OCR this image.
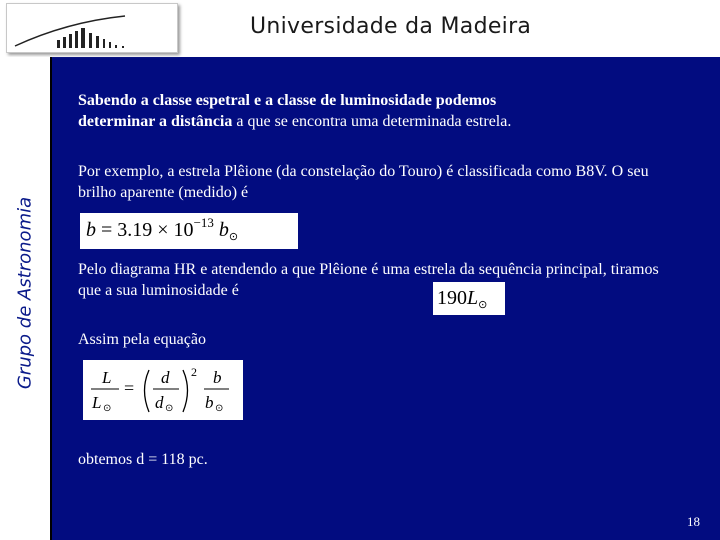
Universidade da Madeira
Grupo de Astronomia

Sabendo a classe espetral e a classe de luminosidade podemos
determinar a distância a que se encontra uma determinada estrela.

Por exemplo, a estrela Plêione (da constelação do Touro) é classificada como B8V. O seu brilho aparente (medido) é

$b = 3.19 \times 10^{-13}$ $b_⊙$

Pelo diagrama HR e atendendo a que Plêione é uma estrela da sequência principal, tiramos que a sua luminosidade é	$190L_⊙$

Assim pela equação

L
L ⊙
=
d
d ⊙
2 b
b ⊙

obtemos d = 118 pc.

18
